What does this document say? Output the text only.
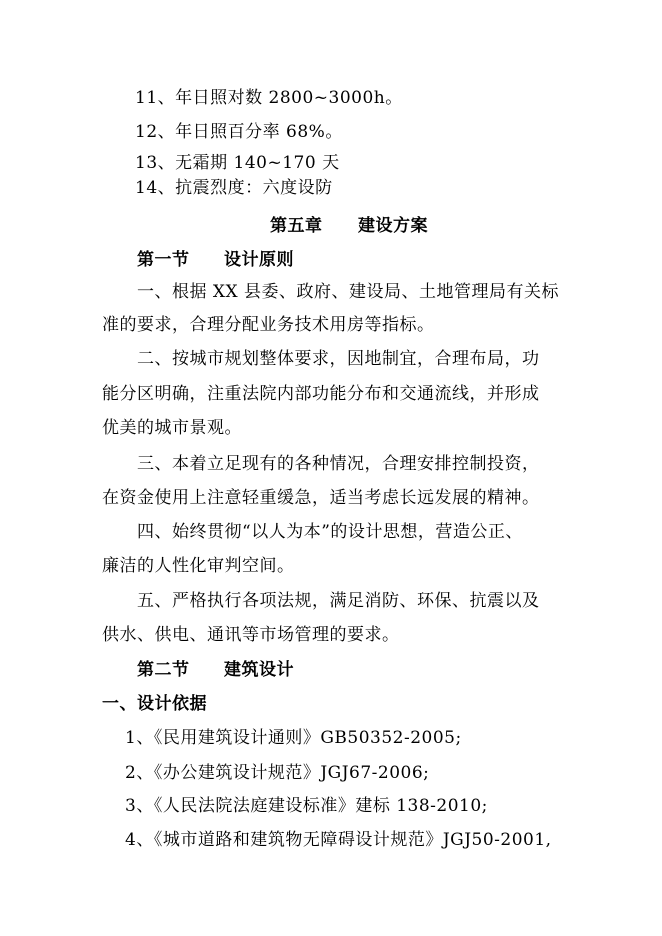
11、年日照对数 2800~3000h。
12、年日照百分率 68%。
13、无霜期 140~170 天
14、抗震烈度：六度设防
第五章 建设方案
第一节 设计原则
一、根据 XX 县委、政府、建设局、土地管理局有关标
准的要求，合理分配业务技术用房等指标。
二、按城市规划整体要求，因地制宜，合理布局，功
能分区明确，注重法院内部功能分布和交通流线，并形成
优美的城市景观。
三、本着立足现有的各种情况，合理安排控制投资，
在资金使用上注意轻重缓急，适当考虑长远发展的精神。
四、始终贯彻“以人为本”的设计思想，营造公正、
廉洁的人性化审判空间。
五、严格执行各项法规，满足消防、环保、抗震以及
供水、供电、通讯等市场管理的要求。
第二节 建筑设计
一、设计依据
1、《民用建筑设计通则》GB50352-2005;
2、《办公建筑设计规范》JGJ67-2006;
3、《人民法院法庭建设标准》建标 138-2010;
4、《城市道路和建筑物无障碍设计规范》JGJ50-2001,
